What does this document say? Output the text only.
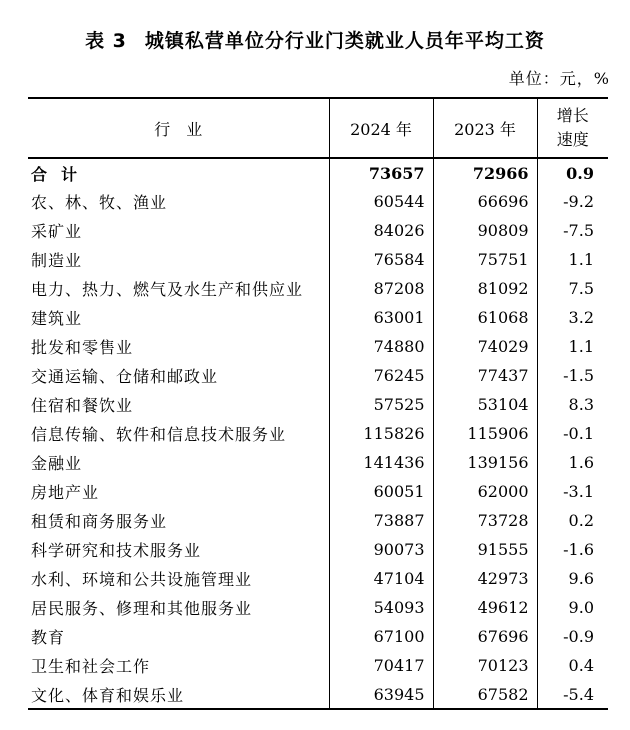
表 3 城镇私营单位分行业门类就业人员年平均工资
单位：元，%
行　业	2024 年	2023 年	增长
速度

合计	73657	72966	0.9
农、林、牧、渔业	60544	66696	-9.2
采矿业	84026	90809	-7.5
制造业	76584	75751	1.1
电力、热力、燃气及水生产和供应业	87208	81092	7.5
建筑业	63001	61068	3.2
批发和零售业	74880	74029	1.1
交通运输、仓储和邮政业	76245	77437	-1.5
住宿和餐饮业	57525	53104	8.3
信息传输、软件和信息技术服务业	115826	115906	-0.1
金融业	141436	139156	1.6
房地产业	60051	62000	-3.1
租赁和商务服务业	73887	73728	0.2
科学研究和技术服务业	90073	91555	-1.6
水利、环境和公共设施管理业	47104	42973	9.6
居民服务、修理和其他服务业	54093	49612	9.0
教育	67100	67696	-0.9
卫生和社会工作	70417	70123	0.4
文化、体育和娱乐业	63945	67582	-5.4
